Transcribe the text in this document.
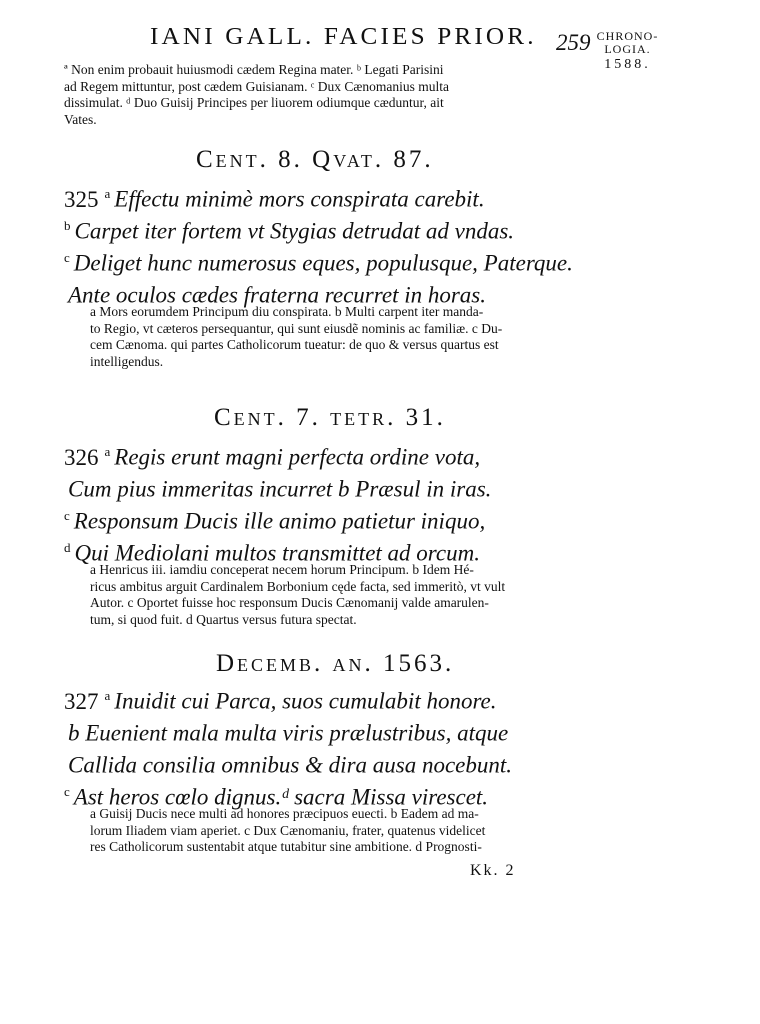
IANI GALL. FACIES PRIOR. 259 CHRONO-
LOGIA.
1588.

ª Non enim probauit huiusmodi cædem Regina mater. ᵇ Legati Parisini

ad Regem mittuntur, post cædem Guisianam. ᶜ Dux Cænomanius multa

dissimulat. ᵈ Duo Guisij Principes per liuorem odiumque cæduntur, ait

Vates.

Cent. 8. Qvat. 87.
325 $^a$ Effectu minimè mors conspirata carebit.
$^b$ Carpet iter fortem vt Stygias detrudat ad vndas.
$^c$ Deliget hunc numerosus eques, populusque, Paterque.
Ante oculos cædes fraterna recurret in horas.

a Mors eorumdem Principum diu conspirata. b Multi carpent iter manda-

to Regio, vt cæteros persequantur, qui sunt eiusdẽ nominis ac familiæ. c Du-

cem Cænoma. qui partes Catholicorum tueatur: de quo & versus quartus est

intelligendus.

Cent. 7. tetr. 31.
326 $^a$ Regis erunt magni perfecta ordine vota,
Cum pius immeritas incurret b Præsul in iras.
$^c$ Responsum Ducis ille animo patietur iniquo,
$^d$ Qui Mediolani multos transmittet ad orcum.

a Henricus iii. iamdiu conceperat necem horum Principum. b Idem Hé-

ricus ambitus arguit Cardinalem Borbonium cęde facta, sed immeritò, vt vult

Autor. c Oportet fuisse hoc responsum Ducis Cænomanij valde amarulen-

tum, si quod fuit. d Quartus versus futura spectat.

Decemb. an. 1563.
327 $^a$ Inuidit cui Parca, suos cumulabit honore.
b Euenient mala multa viris prælustribus, atque
Callida consilia omnibus & dira ausa nocebunt.
$^c$ Ast heros cœlo dignus.ᵈ sacra Missa virescet.

a Guisij Ducis nece multi ad honores præcipuos euecti. b Eadem ad ma-

lorum Iliadem viam aperiet. c Dux Cænomaniu, frater, quatenus videlicet

res Catholicorum sustentabit atque tutabitur sine ambitione. d Prognosti-

Kk. 2
